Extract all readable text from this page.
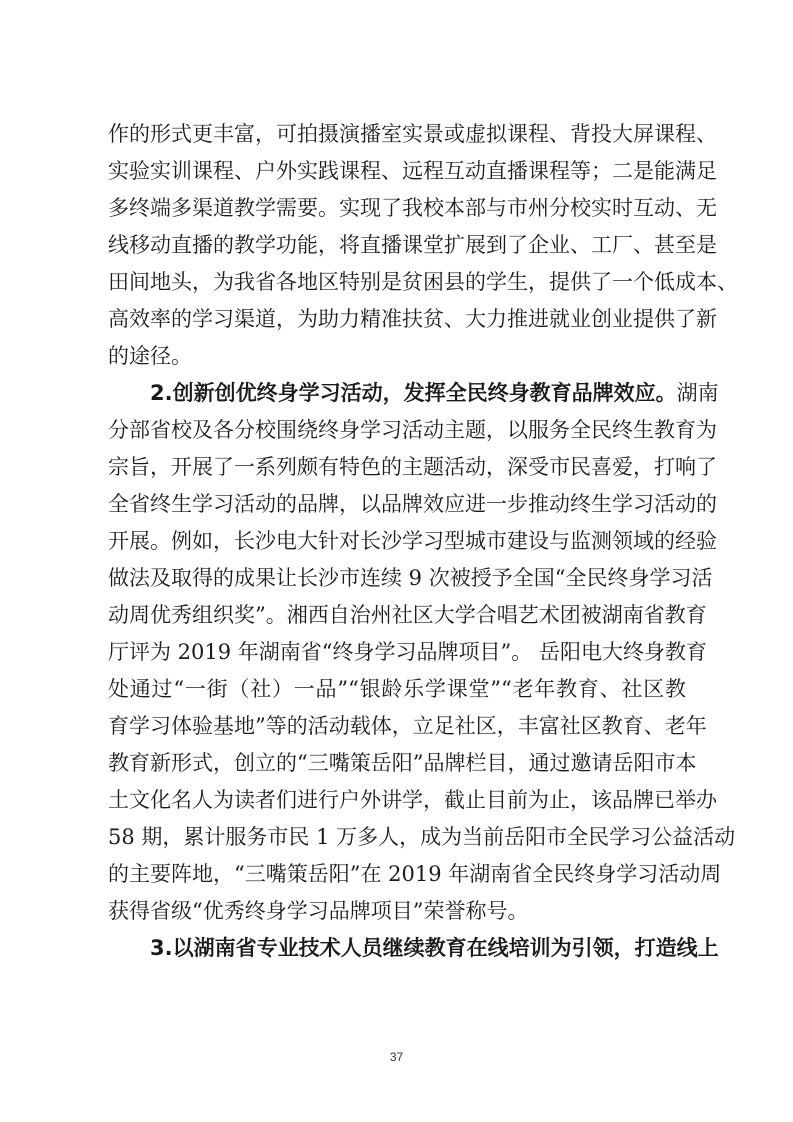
作的形式更丰富，可拍摄演播室实景或虚拟课程、背投大屏课程、
实验实训课程、户外实践课程、远程互动直播课程等；二是能满足
多终端多渠道教学需要。实现了我校本部与市州分校实时互动、无
线移动直播的教学功能，将直播课堂扩展到了企业、工厂、甚至是
田间地头，为我省各地区特别是贫困县的学生，提供了一个低成本、
高效率的学习渠道，为助力精准扶贫、大力推进就业创业提供了新
的途径。
2.创新创优终身学习活动，发挥全民终身教育品牌效应。湖南
分部省校及各分校围绕终身学习活动主题，以服务全民终生教育为
宗旨，开展了一系列颇有特色的主题活动，深受市民喜爱，打响了
全省终生学习活动的品牌，以品牌效应进一步推动终生学习活动的
开展。例如，长沙电大针对长沙学习型城市建设与监测领域的经验
做法及取得的成果让长沙市连续 9 次被授予全国“全民终身学习活
动周优秀组织奖”。湘西自治州社区大学合唱艺术团被湖南省教育
厅评为 2019 年湖南省“终身学习品牌项目”。 岳阳电大终身教育
处通过“一街（社）一品”“银龄乐学课堂”“老年教育、社区教
育学习体验基地”等的活动载体，立足社区，丰富社区教育、老年
教育新形式，创立的“三嘴策岳阳”品牌栏目，通过邀请岳阳市本
土文化名人为读者们进行户外讲学，截止目前为止，该品牌已举办
58 期，累计服务市民 1 万多人，成为当前岳阳市全民学习公益活动
的主要阵地，“三嘴策岳阳”在 2019 年湖南省全民终身学习活动周
获得省级“优秀终身学习品牌项目”荣誉称号。
3.以湖南省专业技术人员继续教育在线培训为引领，打造线上
37
